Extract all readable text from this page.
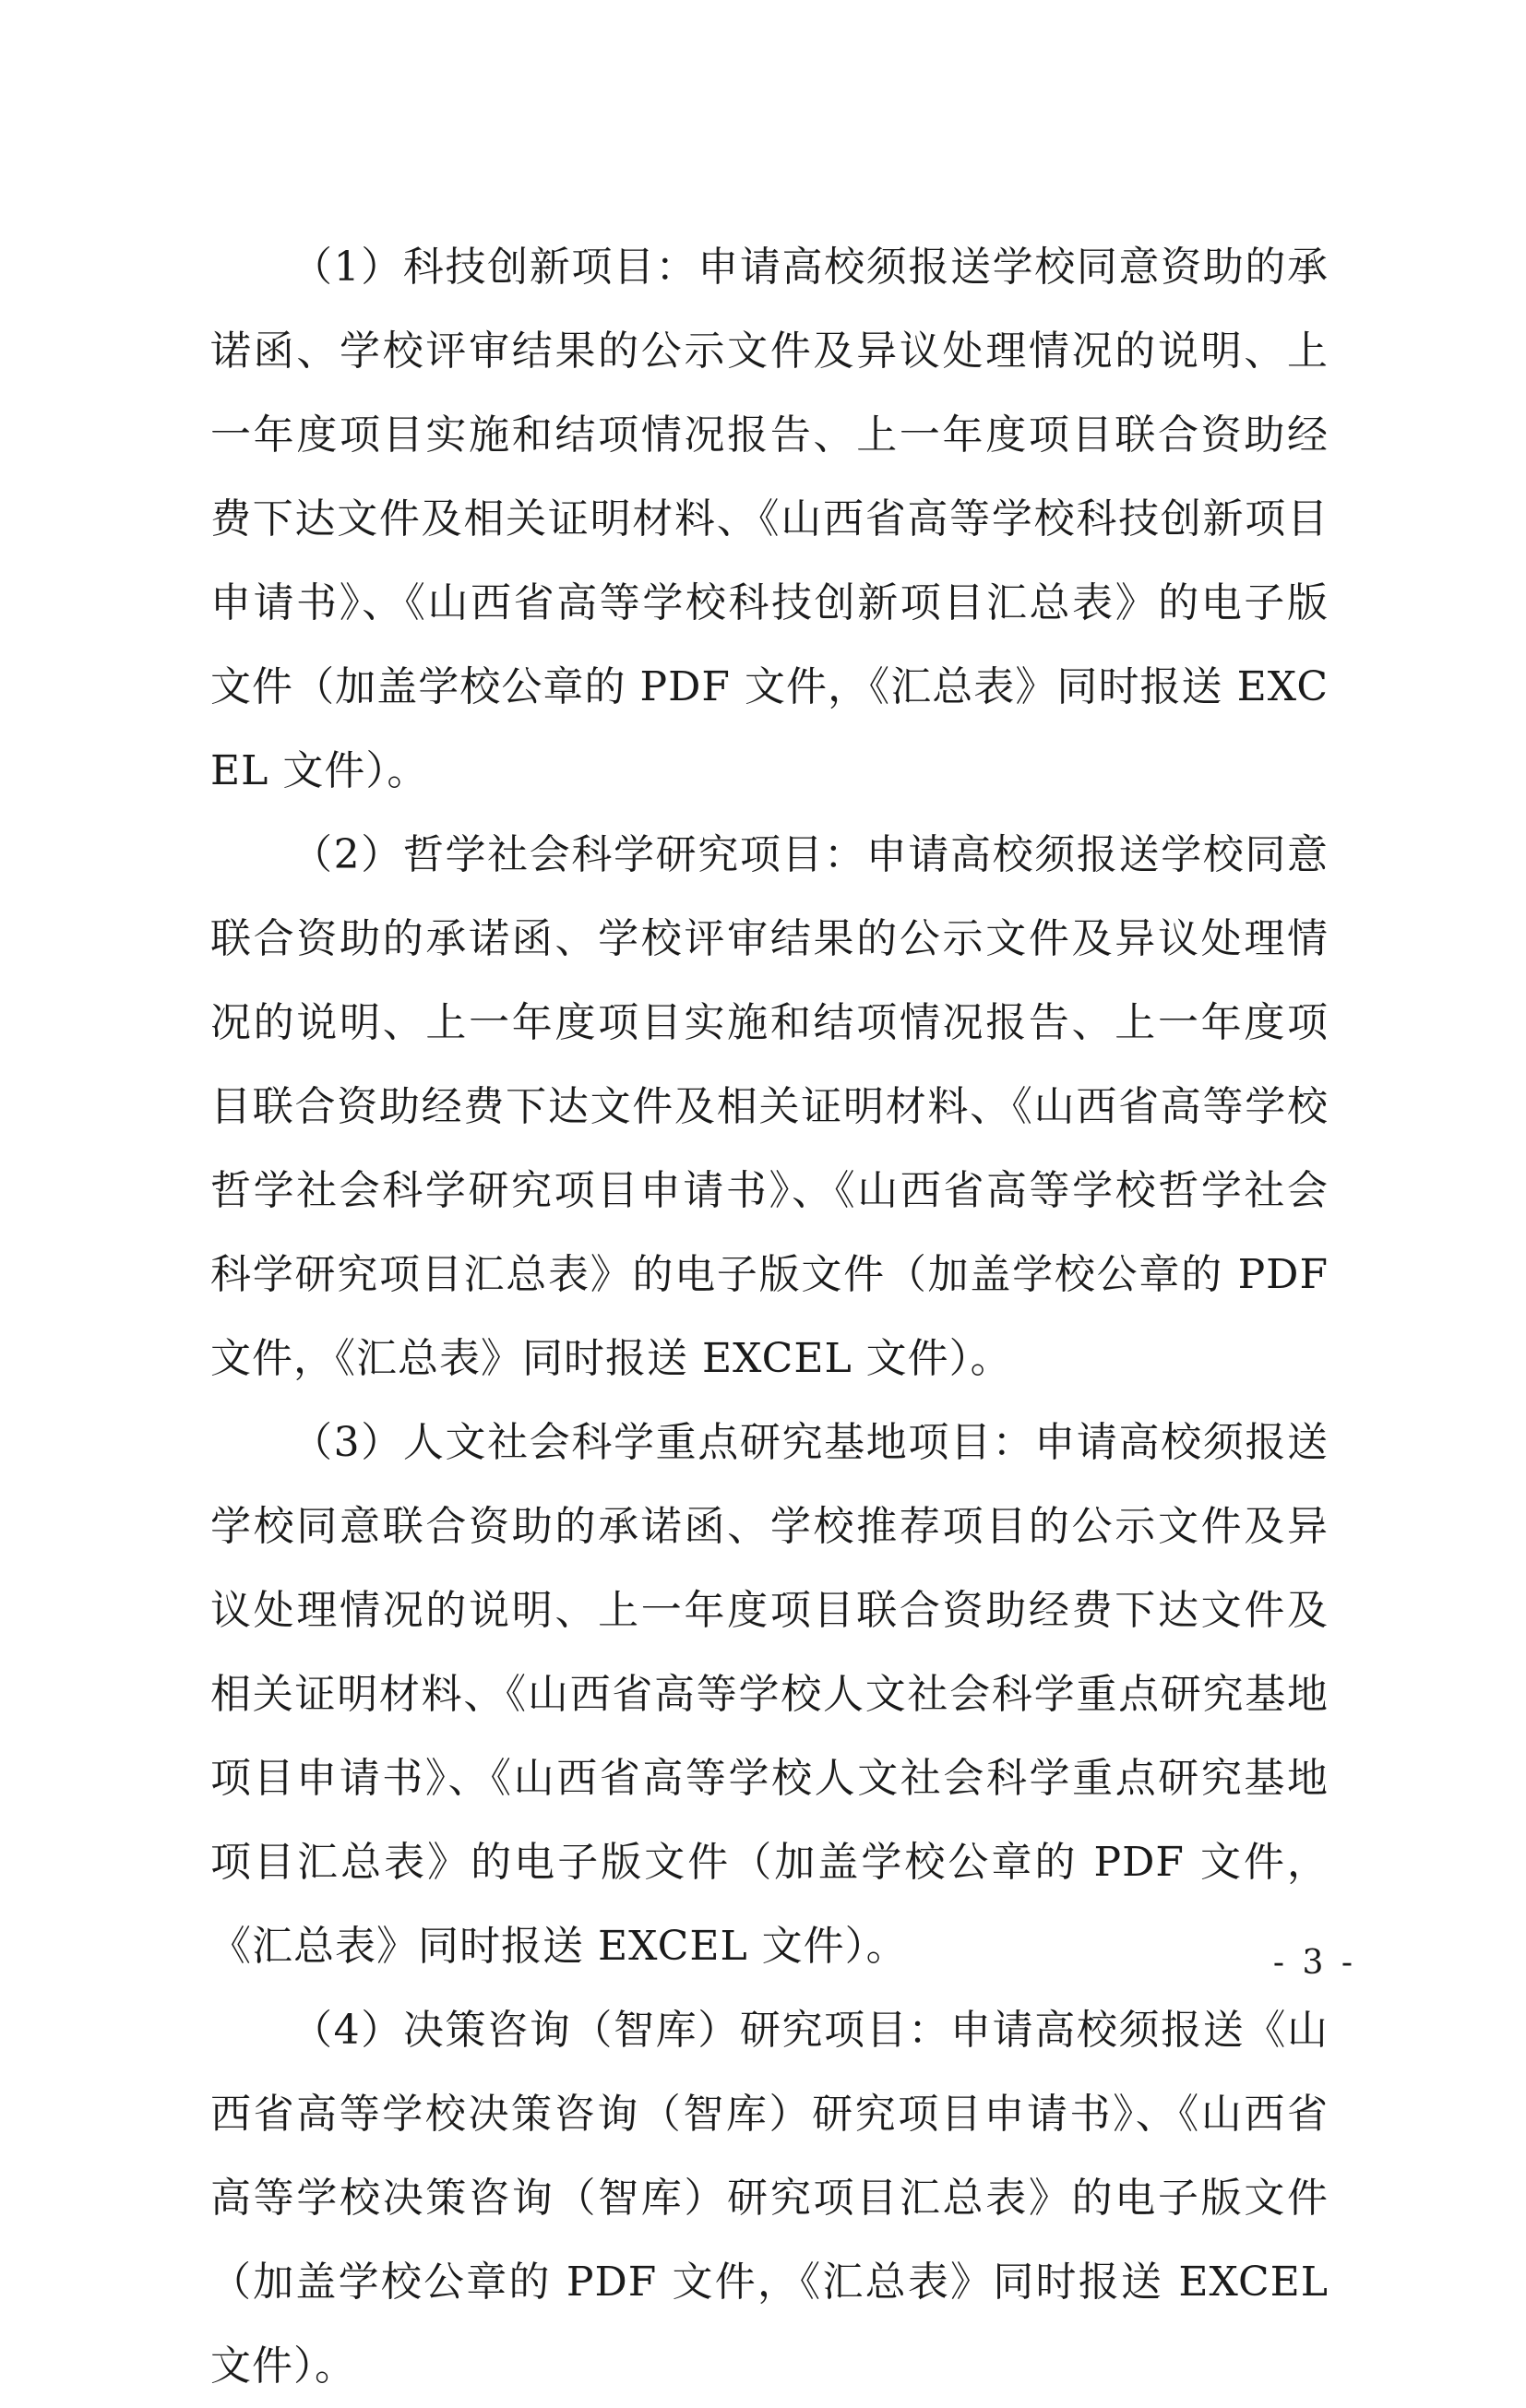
（1）科技创新项目：申请高校须报送学校同意资助的承诺函、学校评审结果的公示文件及异议处理情况的说明、上一年度项目实施和结项情况报告、上一年度项目联合资助经费下达文件及相关证明材料、《山西省高等学校科技创新项目申请书》、《山西省高等学校科技创新项目汇总表》的电子版文件（加盖学校公章的 PDF 文件，《汇总表》同时报送 EXCEL 文件）。

（2）哲学社会科学研究项目：申请高校须报送学校同意联合资助的承诺函、学校评审结果的公示文件及异议处理情况的说明、上一年度项目实施和结项情况报告、上一年度项目联合资助经费下达文件及相关证明材料、《山西省高等学校哲学社会科学研究项目申请书》、《山西省高等学校哲学社会科学研究项目汇总表》的电子版文件（加盖学校公章的 PDF 文件，《汇总表》同时报送 EXCEL 文件）。

（3）人文社会科学重点研究基地项目：申请高校须报送学校同意联合资助的承诺函、学校推荐项目的公示文件及异议处理情况的说明、上一年度项目联合资助经费下达文件及相关证明材料、《山西省高等学校人文社会科学重点研究基地项目申请书》、《山西省高等学校人文社会科学重点研究基地项目汇总表》的电子版文件（加盖学校公章的 PDF 文件，《汇总表》同时报送 EXCEL 文件）。

（4）决策咨询（智库）研究项目：申请高校须报送《山西省高等学校决策咨询（智库）研究项目申请书》、《山西省高等学校决策咨询（智库）研究项目汇总表》的电子版文件（加盖学校公章的 PDF 文件，《汇总表》同时报送 EXCEL 文件）。

- 3 -
